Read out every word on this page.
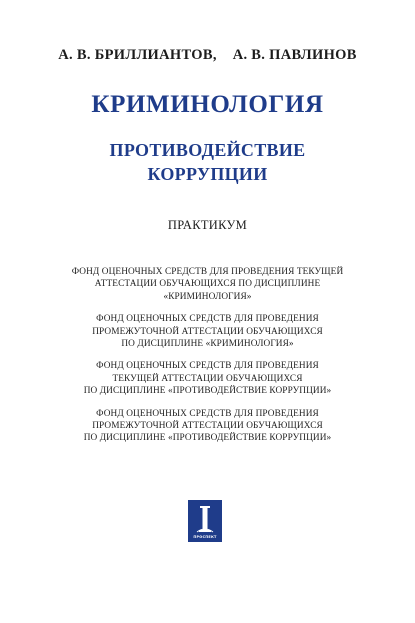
А. В. БРИЛЛИАНТОВ, А. В. ПАВЛИНОВ
КРИМИНОЛОГИЯ
ПРОТИВОДЕЙСТВИЕ
КОРРУПЦИИ
ПРАКТИКУМ
ФОНД ОЦЕНОЧНЫХ СРЕДСТВ ДЛЯ ПРОВЕДЕНИЯ ТЕКУЩЕЙ
АТТЕСТАЦИИ ОБУЧАЮЩИХСЯ ПО ДИСЦИПЛИНЕ
«КРИМИНОЛОГИЯ»
ФОНД ОЦЕНОЧНЫХ СРЕДСТВ ДЛЯ ПРОВЕДЕНИЯ
ПРОМЕЖУТОЧНОЙ АТТЕСТАЦИИ ОБУЧАЮЩИХСЯ
ПО ДИСЦИПЛИНЕ «КРИМИНОЛОГИЯ»
ФОНД ОЦЕНОЧНЫХ СРЕДСТВ ДЛЯ ПРОВЕДЕНИЯ
ТЕКУЩЕЙ АТТЕСТАЦИИ ОБУЧАЮЩИХСЯ
ПО ДИСЦИПЛИНЕ «ПРОТИВОДЕЙСТВИЕ КОРРУПЦИИ»
ФОНД ОЦЕНОЧНЫХ СРЕДСТВ ДЛЯ ПРОВЕДЕНИЯ
ПРОМЕЖУТОЧНОЙ АТТЕСТАЦИИ ОБУЧАЮЩИХСЯ
ПО ДИСЦИПЛИНЕ «ПРОТИВОДЕЙСТВИЕ КОРРУПЦИИ»
ПРОСПЕКТ
